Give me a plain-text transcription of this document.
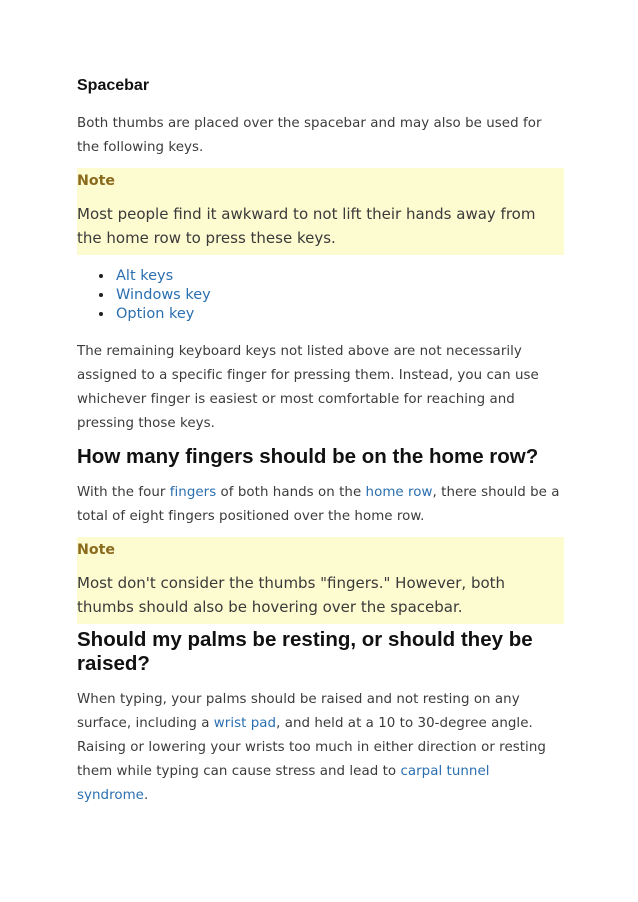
Spacebar

Both thumbs are placed over the spacebar and may also be used for the following keys.

Note
Most people find it awkward to not lift their hands away from the home row to press these keys.
Alt keys
Windows key
Option key

The remaining keyboard keys not listed above are not necessarily assigned to a specific finger for pressing them. Instead, you can use whichever finger is easiest or most comfortable for reaching and pressing those keys.

How many fingers should be on the home row?

With the four fingers of both hands on the home row, there should be a total of eight fingers positioned over the home row.

Note
Most don't consider the thumbs "fingers." However, both thumbs should also be hovering over the spacebar.
Should my palms be resting, or should they be raised?

When typing, your palms should be raised and not resting on any surface, including a wrist pad, and held at a 10 to 30-degree angle. Raising or lowering your wrists too much in either direction or resting them while typing can cause stress and lead to carpal tunnel syndrome.
